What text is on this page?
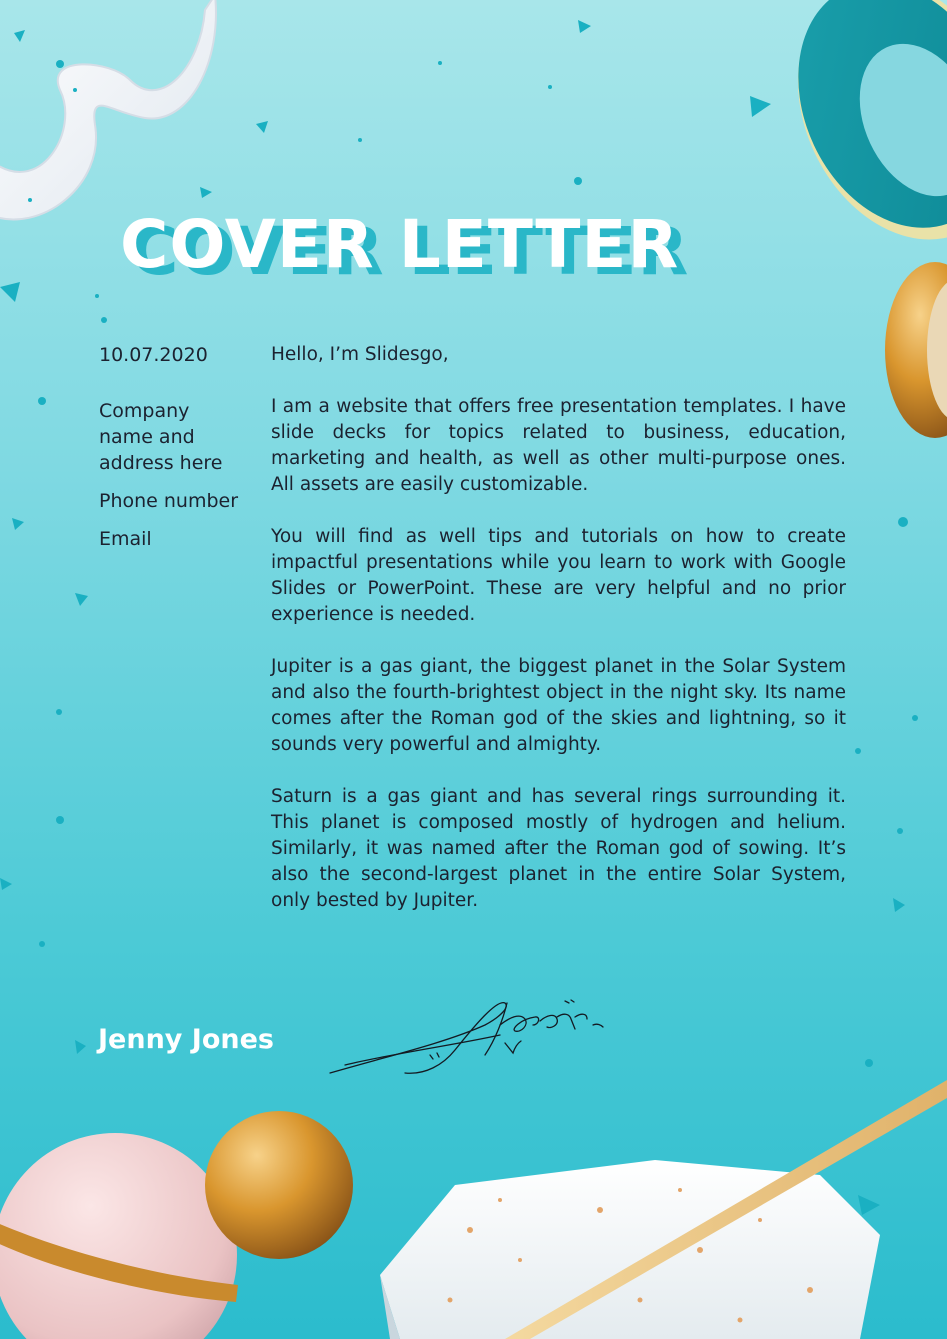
COVER LETTER

10.07.2020

Company name and address here

Phone number

Email

Hello, I’m Slidesgo,

I am a website that offers free presentation templates. I have slide decks for topics related to business, education, marketing and health, as well as other multi-purpose ones. All assets are easily customizable.

You will find as well tips and tutorials on how to create impactful presentations while you learn to work with Google Slides or PowerPoint. These are very helpful and no prior experience is needed.

Jupiter is a gas giant, the biggest planet in the Solar System and also the fourth-brightest object in the night sky. Its name comes after the Roman god of the skies and lightning, so it sounds very powerful and almighty.

Saturn is a gas giant and has several rings surrounding it. This planet is composed mostly of hydrogen and helium. Similarly, it was named after the Roman god of sowing. It’s also the second-largest planet in the entire Solar System, only bested by Jupiter.

Jenny Jones
